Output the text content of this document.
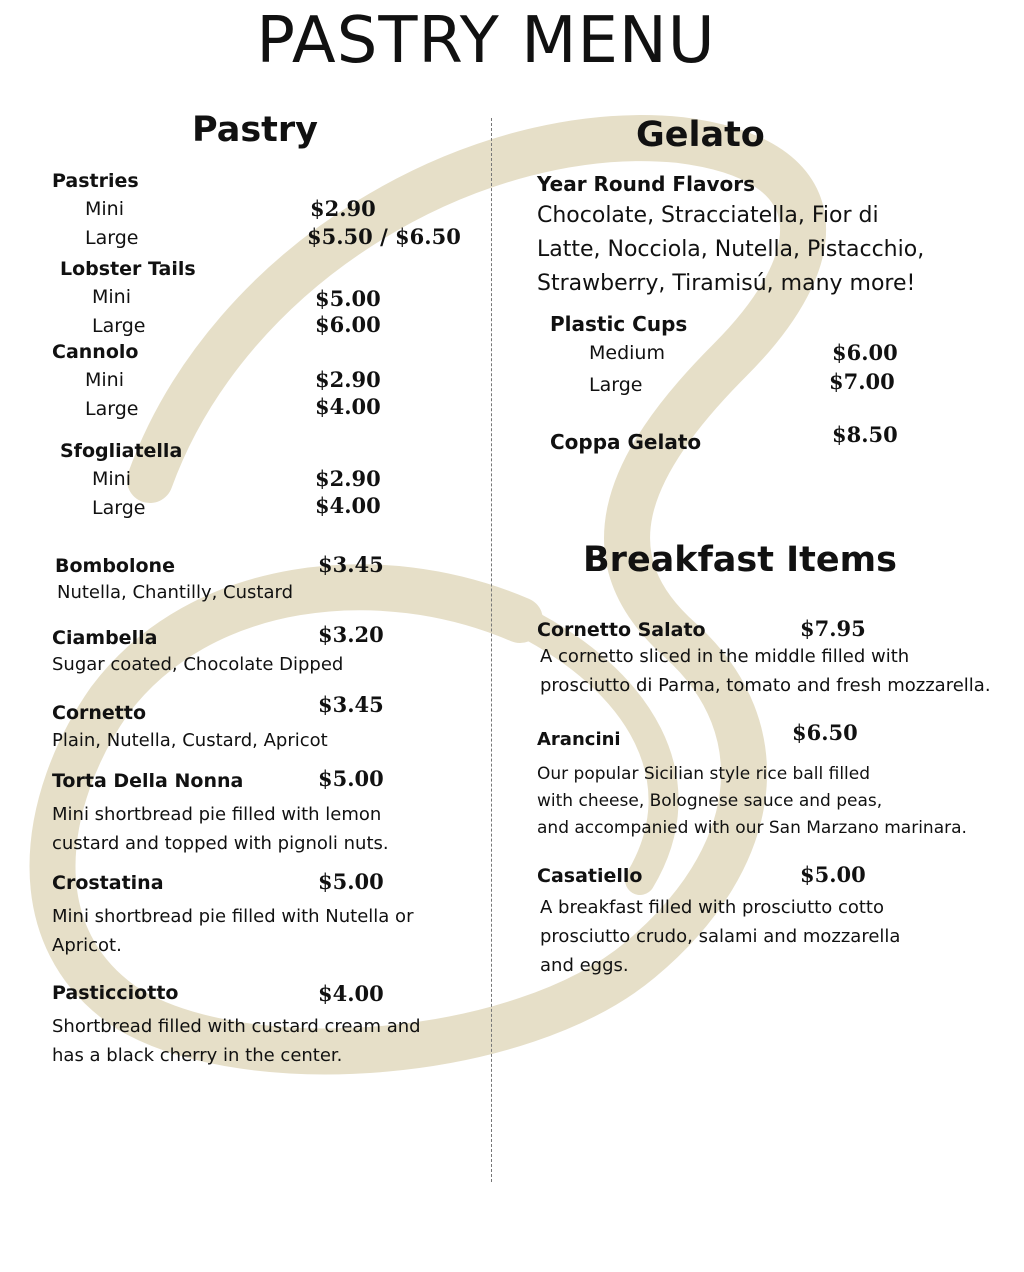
PASTRY MENU
Pastry
Pastries
Mini	$2.90
Large	$5.50 / $6.50
Lobster Tails
Mini	$5.00
Large	$6.00
Cannolo
Mini	$2.90
Large	$4.00
Sfogliatella
Mini	$2.90
Large	$4.00
Bombolone	$3.45
Nutella, Chantilly, Custard
Ciambella	$3.20
Sugar coated, Chocolate Dipped
Cornetto	$3.45
Plain, Nutella, Custard, Apricot
Torta Della Nonna	$5.00
Mini shortbread pie filled with lemon
custard and topped with pignoli nuts.
Crostatina	$5.00
Mini shortbread pie filled with Nutella or
Apricot.
Pasticciotto	$4.00
Shortbread filled with custard cream and
has a black cherry in the center.
Gelato
Year Round Flavors
Chocolate, Stracciatella, Fior di
Latte, Nocciola, Nutella, Pistacchio,
Strawberry, Tiramisú, many more!
Plastic Cups
Medium	$6.00
Large	$7.00
Coppa Gelato	$8.50
Breakfast Items
Cornetto Salato	$7.95
A cornetto sliced in the middle filled with
prosciutto di Parma, tomato and fresh mozzarella.
Arancini	$6.50
Our popular Sicilian style rice ball filled
with cheese, Bolognese sauce and peas,
and accompanied with our San Marzano marinara.
Casatiello	$5.00
A breakfast filled with prosciutto cotto
prosciutto crudo, salami and mozzarella
and eggs.
